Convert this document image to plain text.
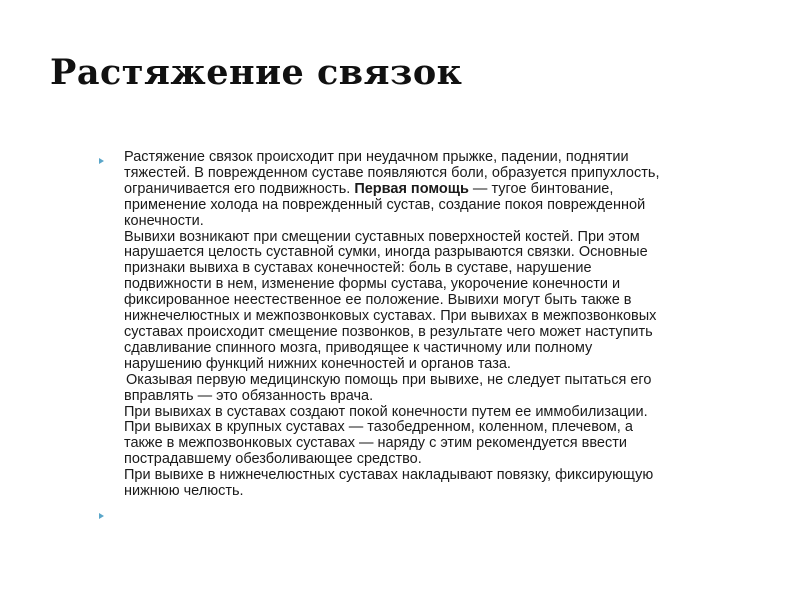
Растяжение связок
Растяжение связок происходит при неудачном прыжке, падении, поднятии
тяжестей. В поврежденном суставе появляются боли, образуется припухлость,
ограничивается его подвижность. Первая помощь — тугое бинтование,
применение холода на поврежденный сустав, создание покоя поврежденной
конечности.
Вывихи возникают при смещении суставных поверхностей костей. При этом
нарушается целость суставной сумки, иногда разрываются связки. Основные
признаки вывиха в суставах конечностей: боль в суставе, нарушение
подвижности в нем, изменение формы сустава, укорочение конечности и
фиксированное неестественное ее положение. Вывихи могут быть также в
нижнечелюстных и межпозвонковых суставах. При вывихах в межпозвонковых
суставах происходит смещение позвонков, в результате чего может наступить
сдавливание спинного мозга, приводящее к частичному или полному
нарушению функций нижних конечностей и органов таза.
Оказывая первую медицинскую помощь при вывихе, не следует пытаться его
вправлять — это обязанность врача.
При вывихах в суставах создают покой конечности путем ее иммобилизации.
При вывихах в крупных суставах — тазобедренном, коленном, плечевом, а
также в межпозвонковых суставах — наряду с этим рекомендуется ввести
пострадавшему обезболивающее средство.
При вывихе в нижнечелюстных суставах накладывают повязку, фиксирующую
нижнюю челюсть.
